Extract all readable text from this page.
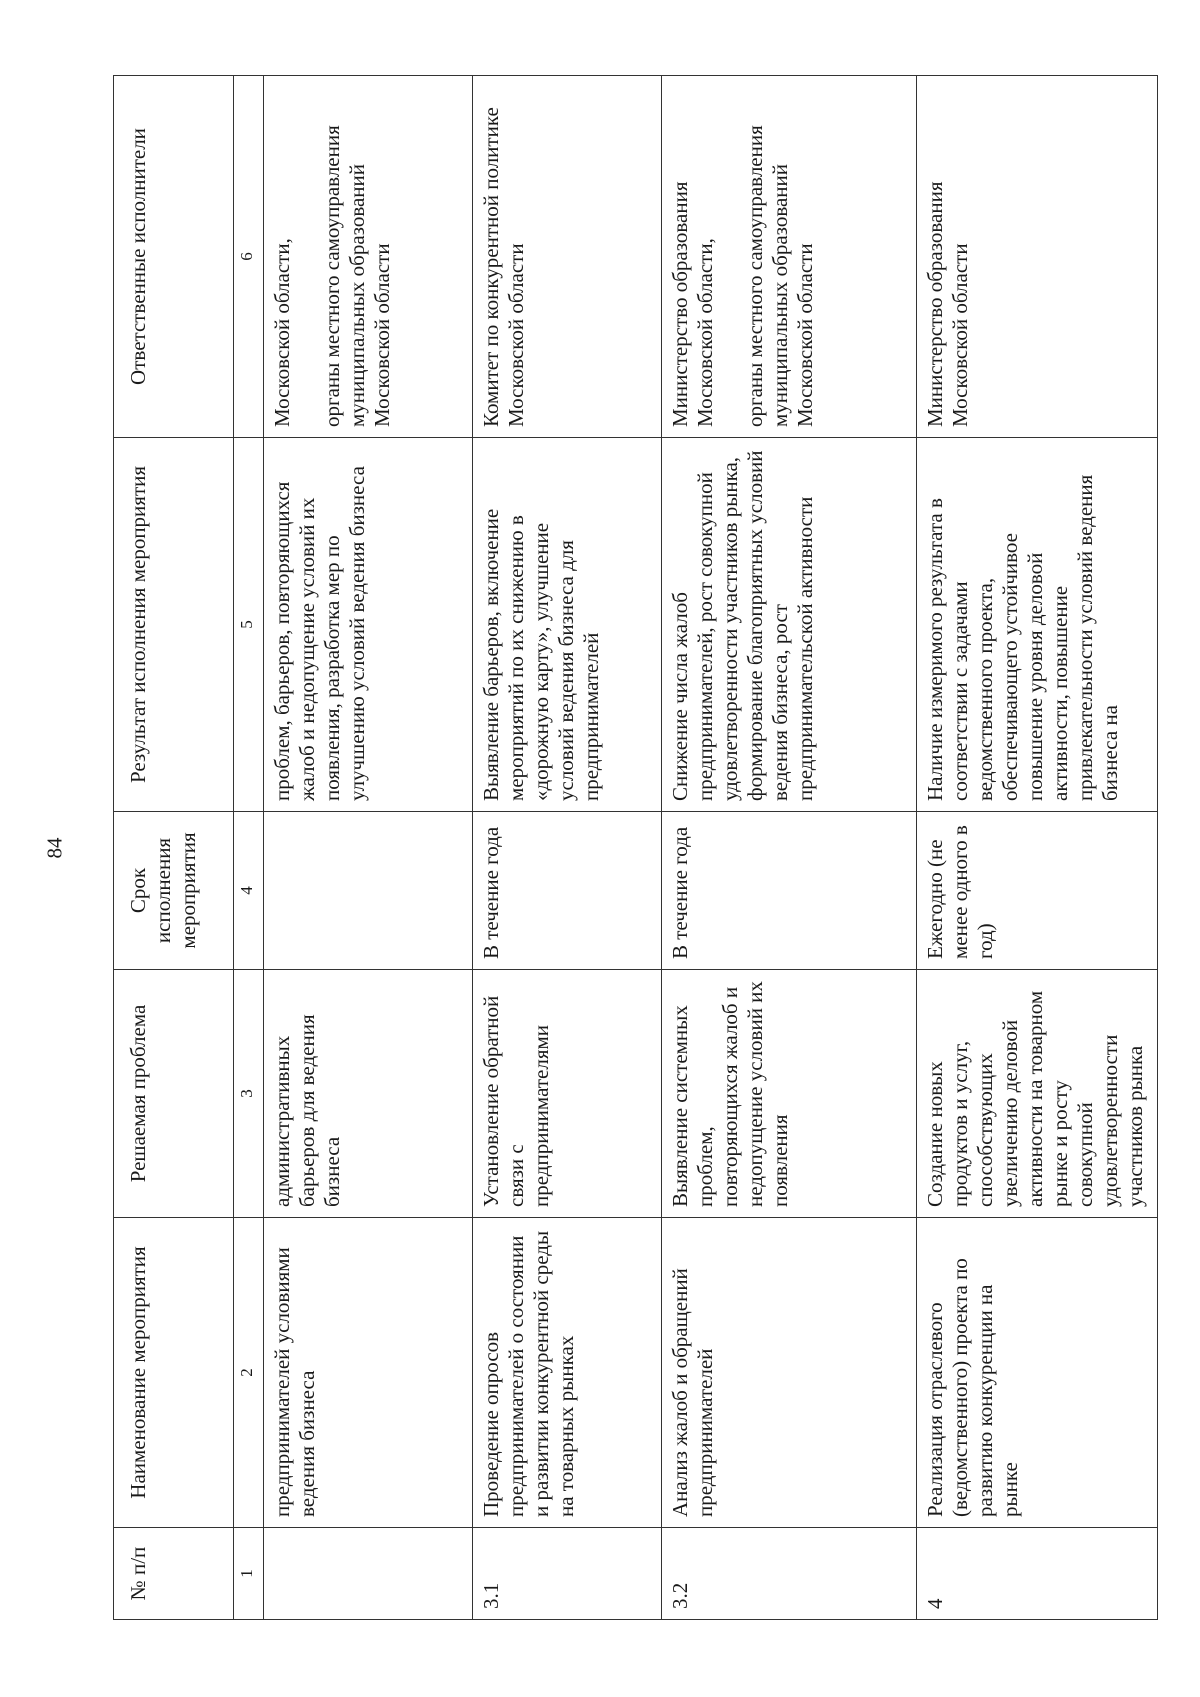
84
№ п/п	Наименование мероприятия	Решаемая проблема	Срок исполнения мероприятия	Результат исполнения мероприятия	Ответственные исполнители
1	2	3	4	5	6
	предпринимателей условиями ведения бизнеса	административных барьеров для ведения бизнеса		проблем, барьеров, повторяющихся жалоб и недопущение условий их появления, разработка мер по улучшению условий ведения бизнеса	Московской области, органы местного самоуправления муниципальных образований Московской области
3.1	Проведение опросов предпринимателей о состоянии и развитии конкурентной среды на товарных рынках	Установление обратной связи с предпринимателями	В течение года	Выявление барьеров, включение мероприятий по их снижению в «дорожную карту», улучшение условий ведения бизнеса для предпринимателей	Комитет по конкурентной политике Московской области
3.2	Анализ жалоб и обращений предпринимателей	Выявление системных проблем, повторяющихся жалоб и недопущение условий их появления	В течение года	Снижение числа жалоб предпринимателей, рост совокупной удовлетворенности участников рынка, формирование благоприятных условий ведения бизнеса, рост предпринимательской активности	Министерство образования Московской области, органы местного самоуправления муниципальных образований Московской области
4	Реализация отраслевого (ведомственного) проекта по развитию конкуренции на рынке	Создание новых продуктов и услуг, способствующих увеличению деловой активности на товарном рынке и росту совокупной удовлетворенности участников рынка	Ежегодно (не менее одного в год)	Наличие измеримого результата в соответствии с задачами ведомственного проекта, обеспечивающего устойчивое повышение уровня деловой активности, повышение привлекательности условий ведения бизнеса на	Министерство образования Московской области
